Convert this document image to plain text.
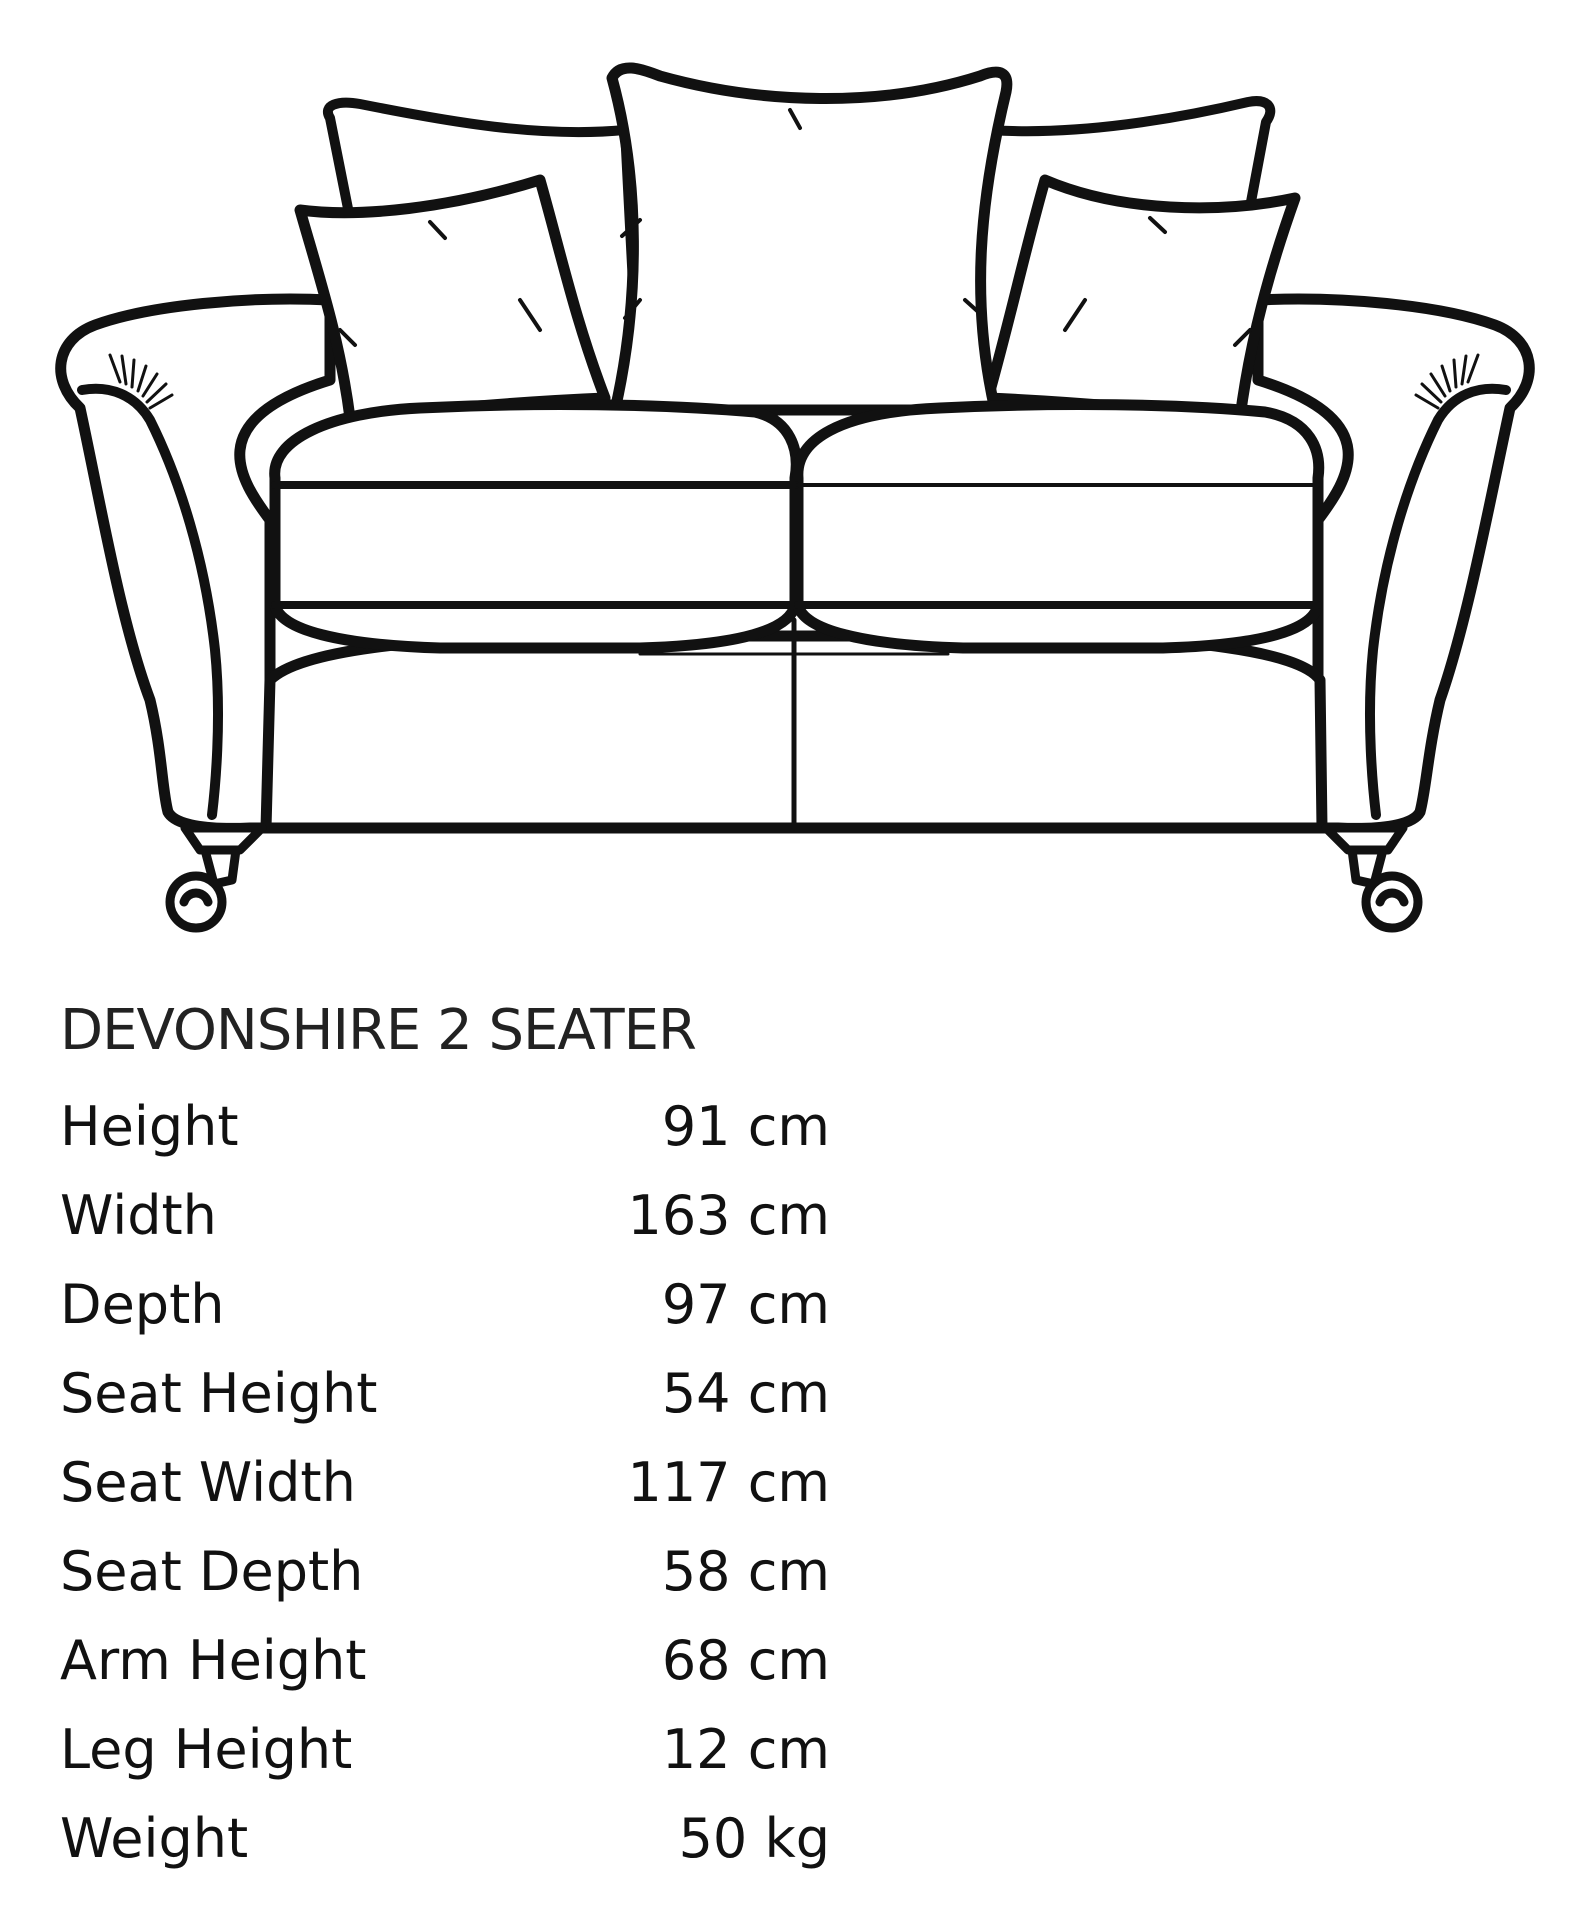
DEVONSHIRE 2 SEATER
Height	91 cm
Width	163 cm
Depth	97 cm
Seat Height	54 cm
Seat Width	117 cm
Seat Depth	58 cm
Arm Height	68 cm
Leg Height	12 cm
Weight	50 kg
